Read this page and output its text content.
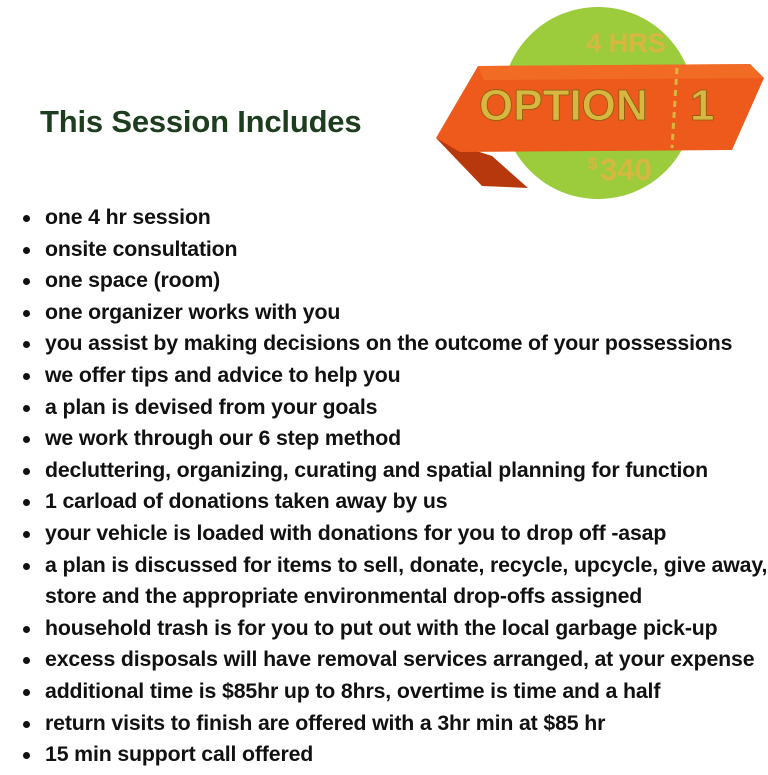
This Session Includes
4 HRS
OPTION 1
$ 340
one 4 hr session
onsite consultation
one space (room)
one organizer works with you
you assist by making decisions on the outcome of your possessions
we offer tips and advice to help you
a plan is devised from your goals
we work through our 6 step method
decluttering, organizing, curating and spatial planning for function
1 carload of donations taken away by us
your vehicle is loaded with donations for you to drop off -asap
a plan is discussed for items to sell, donate, recycle, upcycle, give away, store and the appropriate environmental drop-offs assigned
household trash is for you to put out with the local garbage pick-up
excess disposals will have removal services arranged, at your expense
additional time is $85hr up to 8hrs, overtime is time and a half
return visits to finish are offered with a 3hr min at $85 hr
15 min support call offered
